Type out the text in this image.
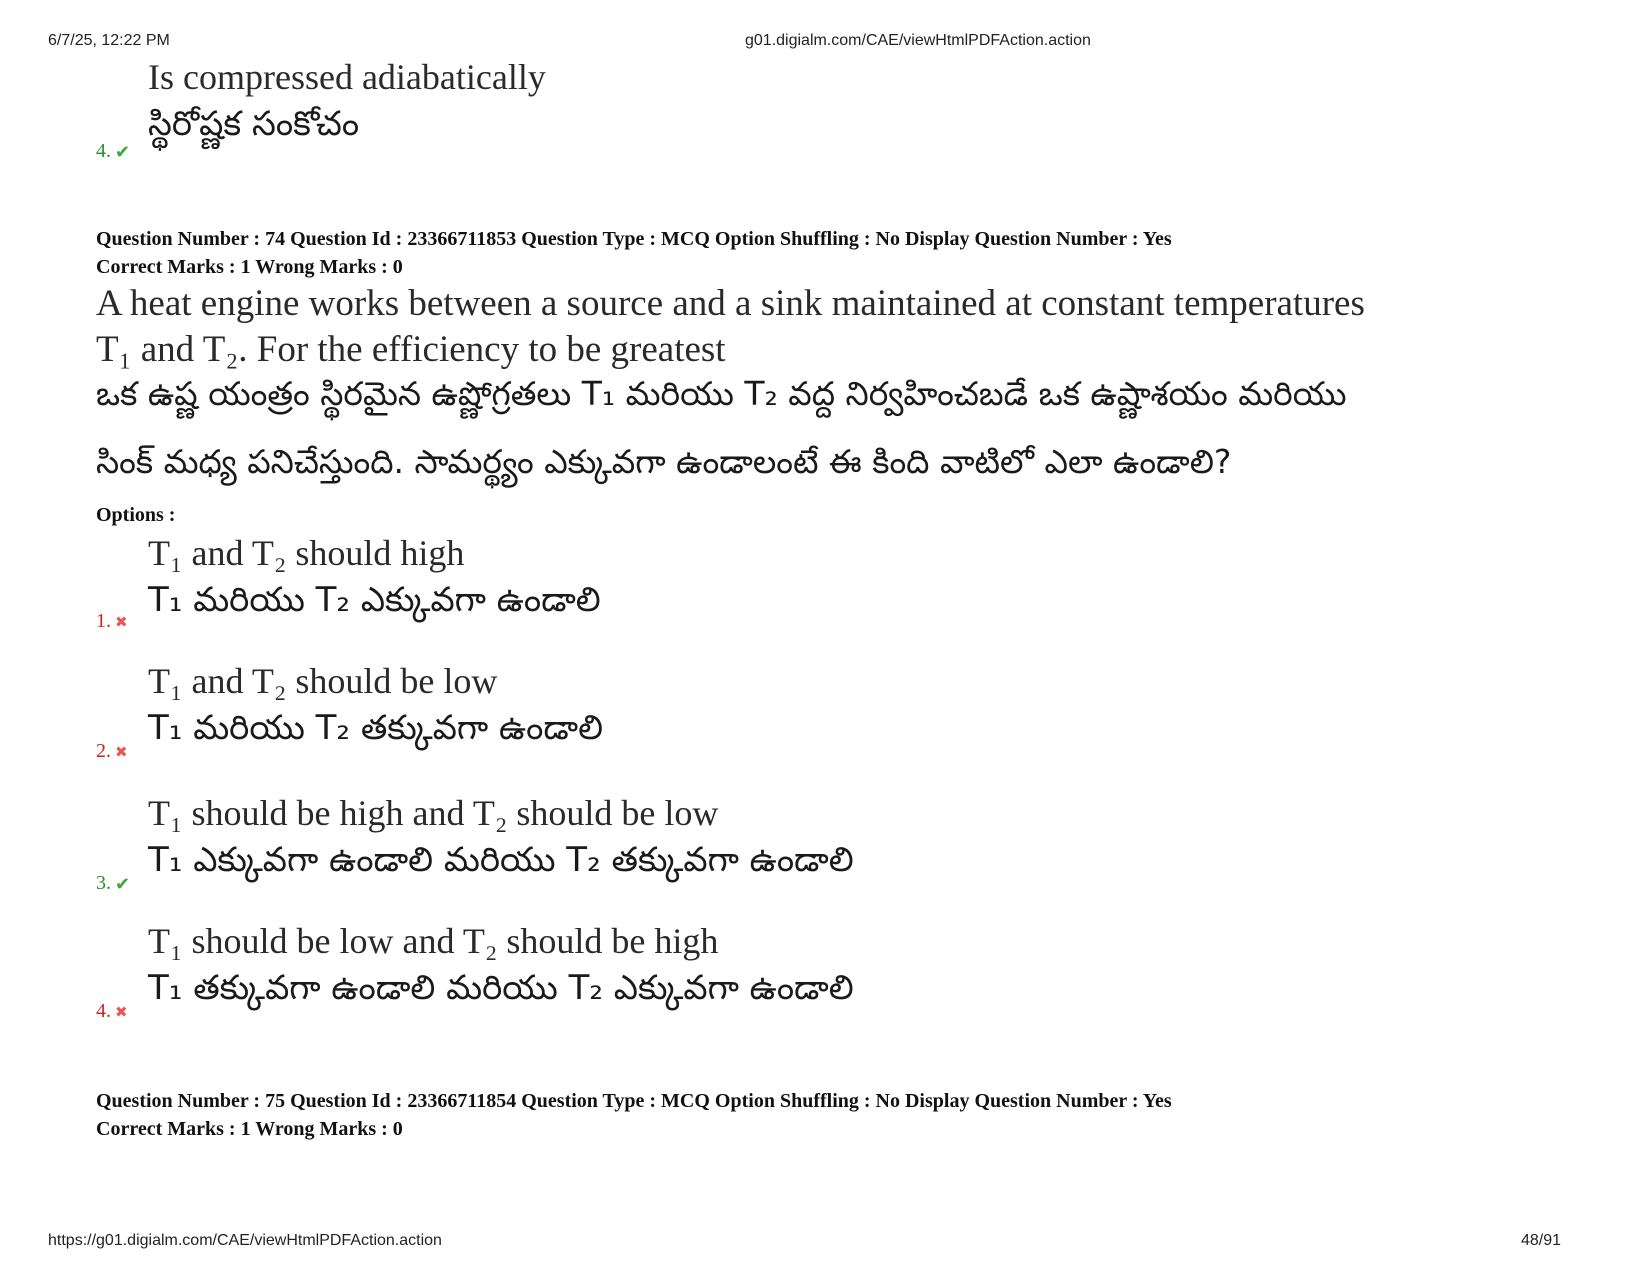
6/7/25, 12:22 PM	g01.digialm.com/CAE/viewHtmlPDFAction.action
Is compressed adiabatically
స్థిరోష్ణక సంకోచం
4. ✔
Question Number : 74 Question Id : 23366711853 Question Type : MCQ Option Shuffling : No Display Question Number : Yes
Correct Marks : 1 Wrong Marks : 0
A heat engine works between a source and a sink maintained at constant temperatures
T₁ and T₂. For the efficiency to be greatest
ఒక ఉష్ణ యంత్రం స్థిరమైన ఉష్ణోగ్రతలు T₁ మరియు T₂ వద్ద నిర్వహించబడే ఒక ఉష్ణాశయం మరియు
సింక్ మధ్య పనిచేస్తుంది. సామర్థ్యం ఎక్కువగా ఉండాలంటే ఈ కింది వాటిలో ఎలా ఉండాలి?
Options :
T₁ and T₂ should high
T₁ మరియు T₂ ఎక్కువగా ఉండాలి
1. ✖
T₁ and T₂ should be low
T₁ మరియు T₂ తక్కువగా ఉండాలి
2. ✖
T₁ should be high and T₂ should be low
T₁ ఎక్కువగా ఉండాలి మరియు T₂ తక్కువగా ఉండాలి
3. ✔
T₁ should be low and T₂ should be high
T₁ తక్కువగా ఉండాలి మరియు T₂ ఎక్కువగా ఉండాలి
4. ✖
Question Number : 75 Question Id : 23366711854 Question Type : MCQ Option Shuffling : No Display Question Number : Yes
Correct Marks : 1 Wrong Marks : 0
https://g01.digialm.com/CAE/viewHtmlPDFAction.action	48/91
